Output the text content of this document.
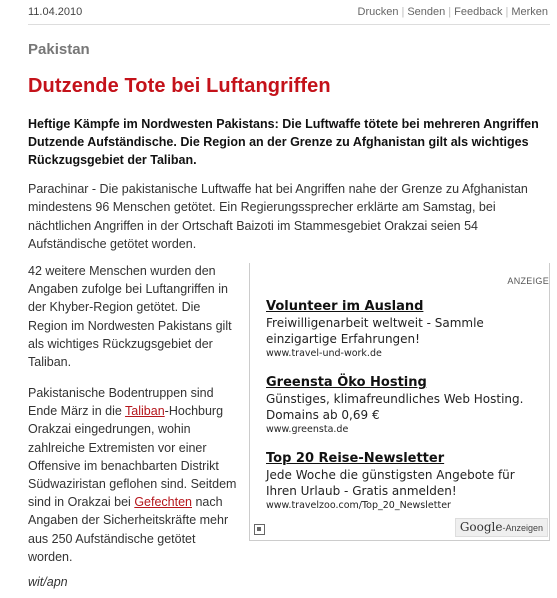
11.04.2010	Drucken | Senden | Feedback | Merken
Pakistan
Dutzende Tote bei Luftangriffen

Heftige Kämpfe im Nordwesten Pakistans: Die Luftwaffe tötete bei mehreren Angriffen Dutzende Aufständische. Die Region an der Grenze zu Afghanistan gilt als wichtiges Rückzugsgebiet der Taliban.

Parachinar - Die pakistanische Luftwaffe hat bei Angriffen nahe der Grenze zu Afghanistan mindestens 96 Menschen getötet. Ein Regierungssprecher erklärte am Samstag, bei nächtlichen Angriffen in der Ortschaft Baizoti im Stammesgebiet Orakzai seien 54 Aufständische getötet worden.

42 weitere Menschen wurden den Angaben zufolge bei Luftangriffen in der Khyber-Region getötet. Die Region im Nordwesten Pakistans gilt als wichtiges Rückzugsgebiet der Taliban.

Pakistanische Bodentruppen sind Ende März in die Taliban-Hochburg Orakzai eingedrungen, wohin zahlreiche Extremisten vor einer Offensive im benachbarten Distrikt Südwaziristan geflohen sind. Seitdem sind in Orakzai bei Gefechten nach Angaben der Sicherheitskräfte mehr aus 250 Aufständische getötet worden.

wit/apn
ANZEIGE
Volunteer im Ausland
Freiwilligenarbeit weltweit - Sammle einzigartige Erfahrungen!
www.travel-und-work.de
Greensta Öko Hosting
Günstiges, klimafreundliches Web Hosting. Domains ab 0,69 €
www.greensta.de
Top 20 Reise-Newsletter
Jede Woche die günstigsten Angebote für Ihren Urlaub - Gratis anmelden!
www.travelzoo.com/Top_20_Newsletter
Google-Anzeigen
